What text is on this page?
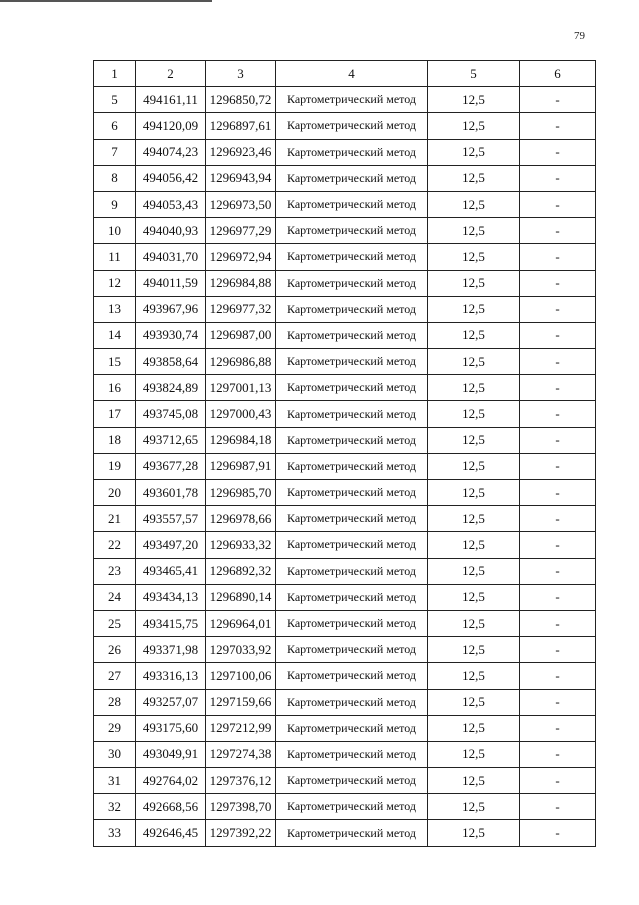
79
1	2	3	4	5	6
5	494161,11	1296850,72	Картометрический метод	12,5	-
6	494120,09	1296897,61	Картометрический метод	12,5	-
7	494074,23	1296923,46	Картометрический метод	12,5	-
8	494056,42	1296943,94	Картометрический метод	12,5	-
9	494053,43	1296973,50	Картометрический метод	12,5	-
10	494040,93	1296977,29	Картометрический метод	12,5	-
11	494031,70	1296972,94	Картометрический метод	12,5	-
12	494011,59	1296984,88	Картометрический метод	12,5	-
13	493967,96	1296977,32	Картометрический метод	12,5	-
14	493930,74	1296987,00	Картометрический метод	12,5	-
15	493858,64	1296986,88	Картометрический метод	12,5	-
16	493824,89	1297001,13	Картометрический метод	12,5	-
17	493745,08	1297000,43	Картометрический метод	12,5	-
18	493712,65	1296984,18	Картометрический метод	12,5	-
19	493677,28	1296987,91	Картометрический метод	12,5	-
20	493601,78	1296985,70	Картометрический метод	12,5	-
21	493557,57	1296978,66	Картометрический метод	12,5	-
22	493497,20	1296933,32	Картометрический метод	12,5	-
23	493465,41	1296892,32	Картометрический метод	12,5	-
24	493434,13	1296890,14	Картометрический метод	12,5	-
25	493415,75	1296964,01	Картометрический метод	12,5	-
26	493371,98	1297033,92	Картометрический метод	12,5	-
27	493316,13	1297100,06	Картометрический метод	12,5	-
28	493257,07	1297159,66	Картометрический метод	12,5	-
29	493175,60	1297212,99	Картометрический метод	12,5	-
30	493049,91	1297274,38	Картометрический метод	12,5	-
31	492764,02	1297376,12	Картометрический метод	12,5	-
32	492668,56	1297398,70	Картометрический метод	12,5	-
33	492646,45	1297392,22	Картометрический метод	12,5	-
